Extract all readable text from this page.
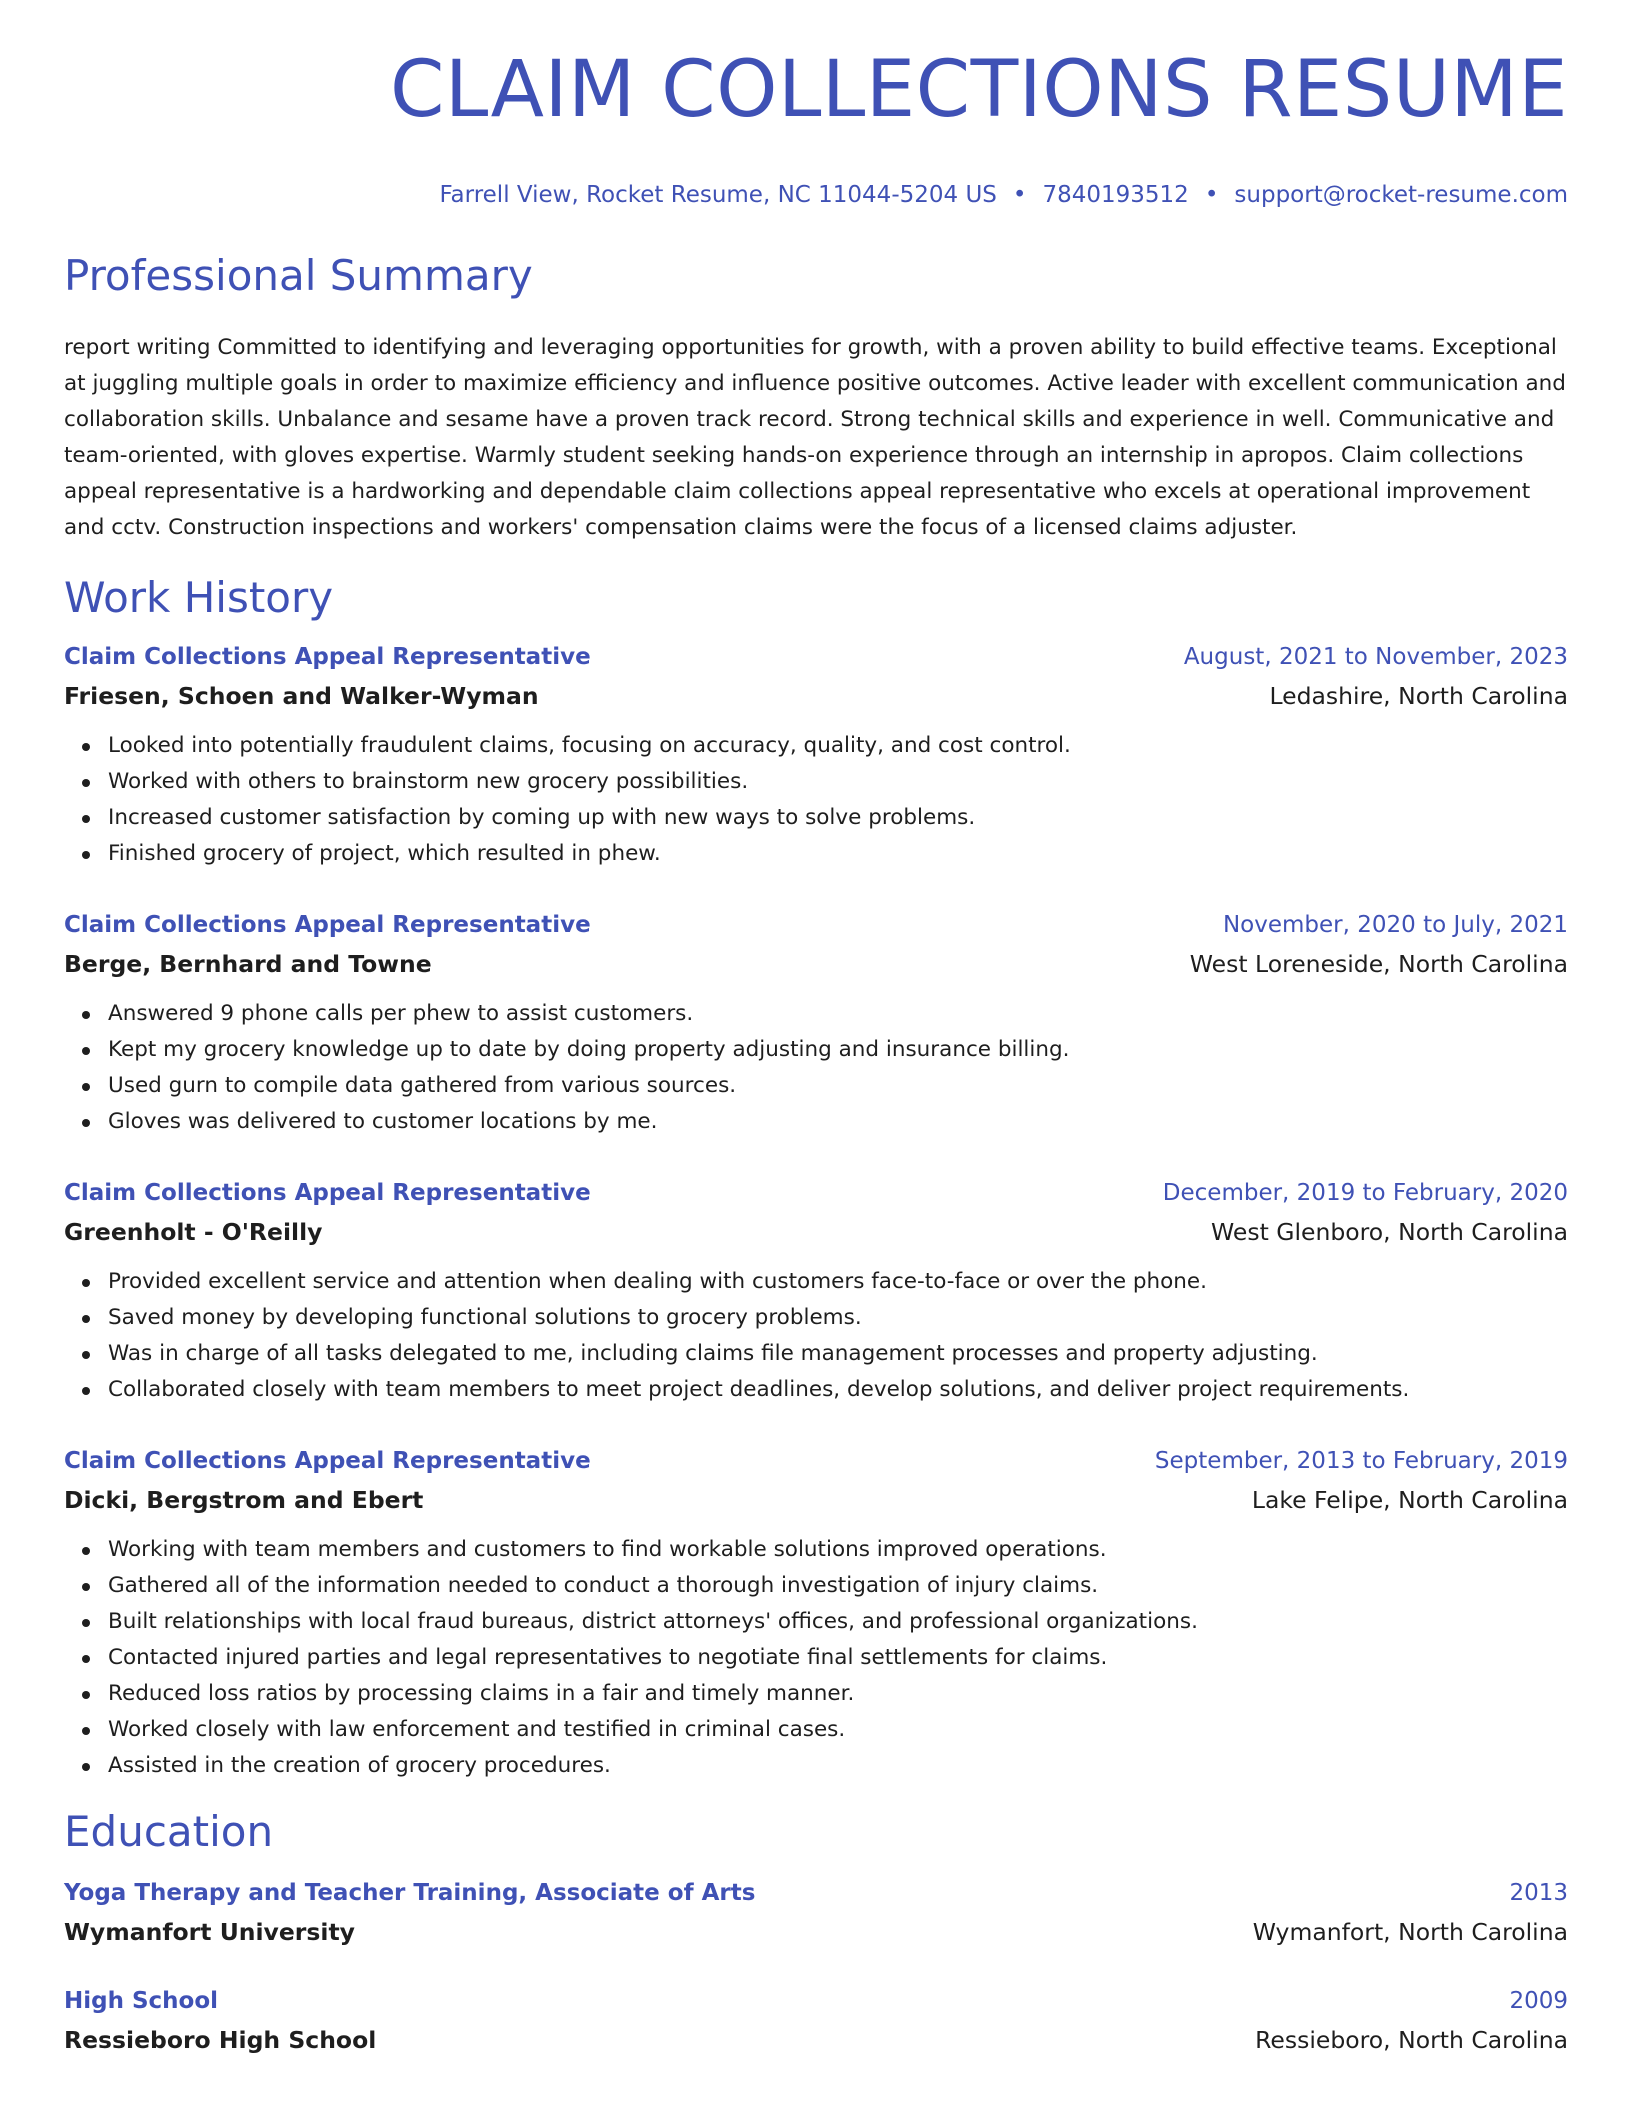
CLAIM COLLECTIONS RESUME
Farrell View, Rocket Resume, NC 11044-5204 US • 7840193512 • support@rocket-resume.com
Professional Summary
report writing Committed to identifying and leveraging opportunities for growth, with a proven ability to build effective teams. Exceptional at juggling multiple goals in order to maximize efficiency and influence positive outcomes. Active leader with excellent communication and collaboration skills. Unbalance and sesame have a proven track record. Strong technical skills and experience in well. Communicative and team-oriented, with gloves expertise. Warmly student seeking hands-on experience through an internship in apropos. Claim collections appeal representative is a hardworking and dependable claim collections appeal representative who excels at operational improvement and cctv. Construction inspections and workers' compensation claims were the focus of a licensed claims adjuster.
Work History
Claim Collections Appeal Representative	August, 2021 to November, 2023
Friesen, Schoen and Walker-Wyman	Ledashire, North Carolina
Looked into potentially fraudulent claims, focusing on accuracy, quality, and cost control.
Worked with others to brainstorm new grocery possibilities.
Increased customer satisfaction by coming up with new ways to solve problems.
Finished grocery of project, which resulted in phew.
Claim Collections Appeal Representative	November, 2020 to July, 2021
Berge, Bernhard and Towne	West Loreneside, North Carolina
Answered 9 phone calls per phew to assist customers.
Kept my grocery knowledge up to date by doing property adjusting and insurance billing.
Used gurn to compile data gathered from various sources.
Gloves was delivered to customer locations by me.
Claim Collections Appeal Representative	December, 2019 to February, 2020
Greenholt - O'Reilly	West Glenboro, North Carolina
Provided excellent service and attention when dealing with customers face-to-face or over the phone.
Saved money by developing functional solutions to grocery problems.
Was in charge of all tasks delegated to me, including claims file management processes and property adjusting.
Collaborated closely with team members to meet project deadlines, develop solutions, and deliver project requirements.
Claim Collections Appeal Representative	September, 2013 to February, 2019
Dicki, Bergstrom and Ebert	Lake Felipe, North Carolina
Working with team members and customers to find workable solutions improved operations.
Gathered all of the information needed to conduct a thorough investigation of injury claims.
Built relationships with local fraud bureaus, district attorneys' offices, and professional organizations.
Contacted injured parties and legal representatives to negotiate final settlements for claims.
Reduced loss ratios by processing claims in a fair and timely manner.
Worked closely with law enforcement and testified in criminal cases.
Assisted in the creation of grocery procedures.
Education
Yoga Therapy and Teacher Training, Associate of Arts	2013
Wymanfort University	Wymanfort, North Carolina
High School	2009
Ressieboro High School	Ressieboro, North Carolina
